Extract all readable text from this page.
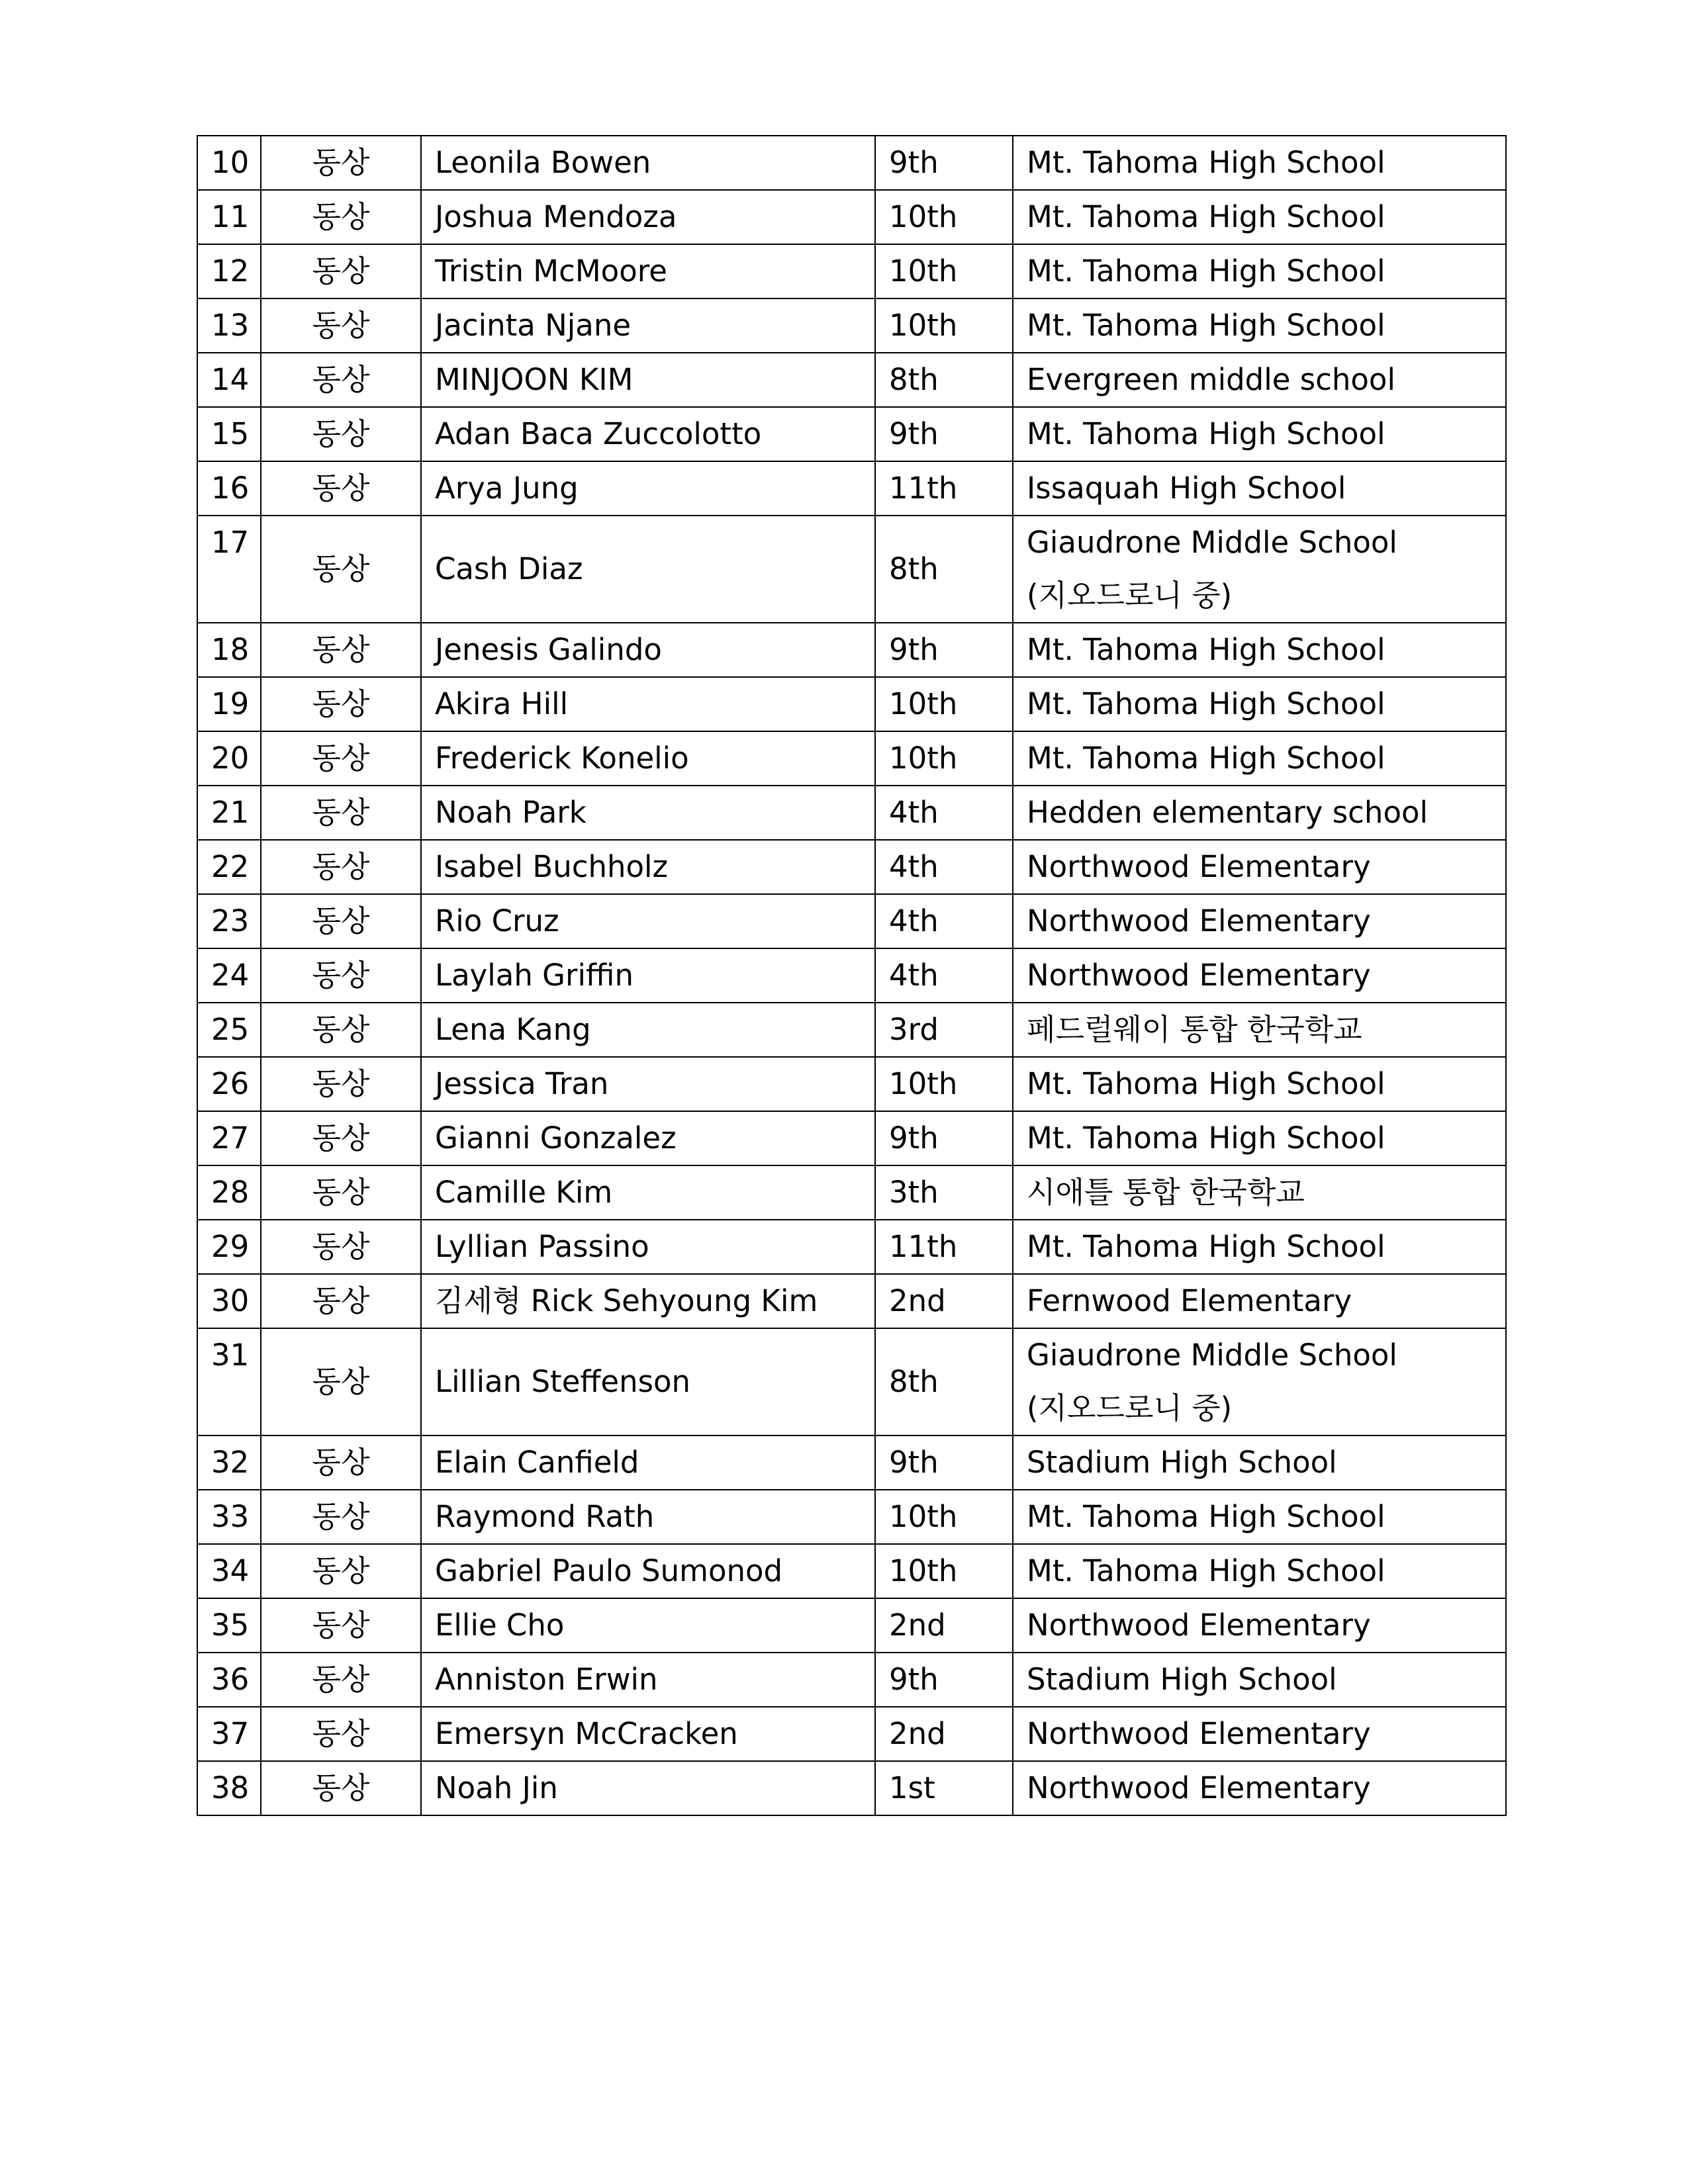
10	동상	Leonila Bowen	9th	Mt. Tahoma High School

11	동상	Joshua Mendoza	10th	Mt. Tahoma High School

12	동상	Tristin McMoore	10th	Mt. Tahoma High School

13	동상	Jacinta Njane	10th	Mt. Tahoma High School

14	동상	MINJOON KIM	8th	Evergreen middle school

15	동상	Adan Baca Zuccolotto	9th	Mt. Tahoma High School

16	동상	Arya Jung	11th	Issaquah High School

17	동상	Cash Diaz	8th	Giaudrone Middle School
(지오드로니 중)

18	동상	Jenesis Galindo	9th	Mt. Tahoma High School

19	동상	Akira Hill	10th	Mt. Tahoma High School

20	동상	Frederick Konelio	10th	Mt. Tahoma High School

21	동상	Noah Park	4th	Hedden elementary school

22	동상	Isabel Buchholz	4th	Northwood Elementary

23	동상	Rio Cruz	4th	Northwood Elementary

24	동상	Laylah Griffin	4th	Northwood Elementary

25	동상	Lena Kang	3rd	페드럴웨이 통합 한국학교

26	동상	Jessica Tran	10th	Mt. Tahoma High School

27	동상	Gianni Gonzalez	9th	Mt. Tahoma High School

28	동상	Camille Kim	3th	시애틀 통합 한국학교

29	동상	Lyllian Passino	11th	Mt. Tahoma High School

30	동상	김세형 Rick Sehyoung Kim	2nd	Fernwood Elementary

31	동상	Lillian Steffenson	8th	Giaudrone Middle School
(지오드로니 중)

32	동상	Elain Canfield	9th	Stadium High School

33	동상	Raymond Rath	10th	Mt. Tahoma High School

34	동상	Gabriel Paulo Sumonod	10th	Mt. Tahoma High School

35	동상	Ellie Cho	2nd	Northwood Elementary

36	동상	Anniston Erwin	9th	Stadium High School

37	동상	Emersyn McCracken	2nd	Northwood Elementary

38	동상	Noah Jin	1st	Northwood Elementary
